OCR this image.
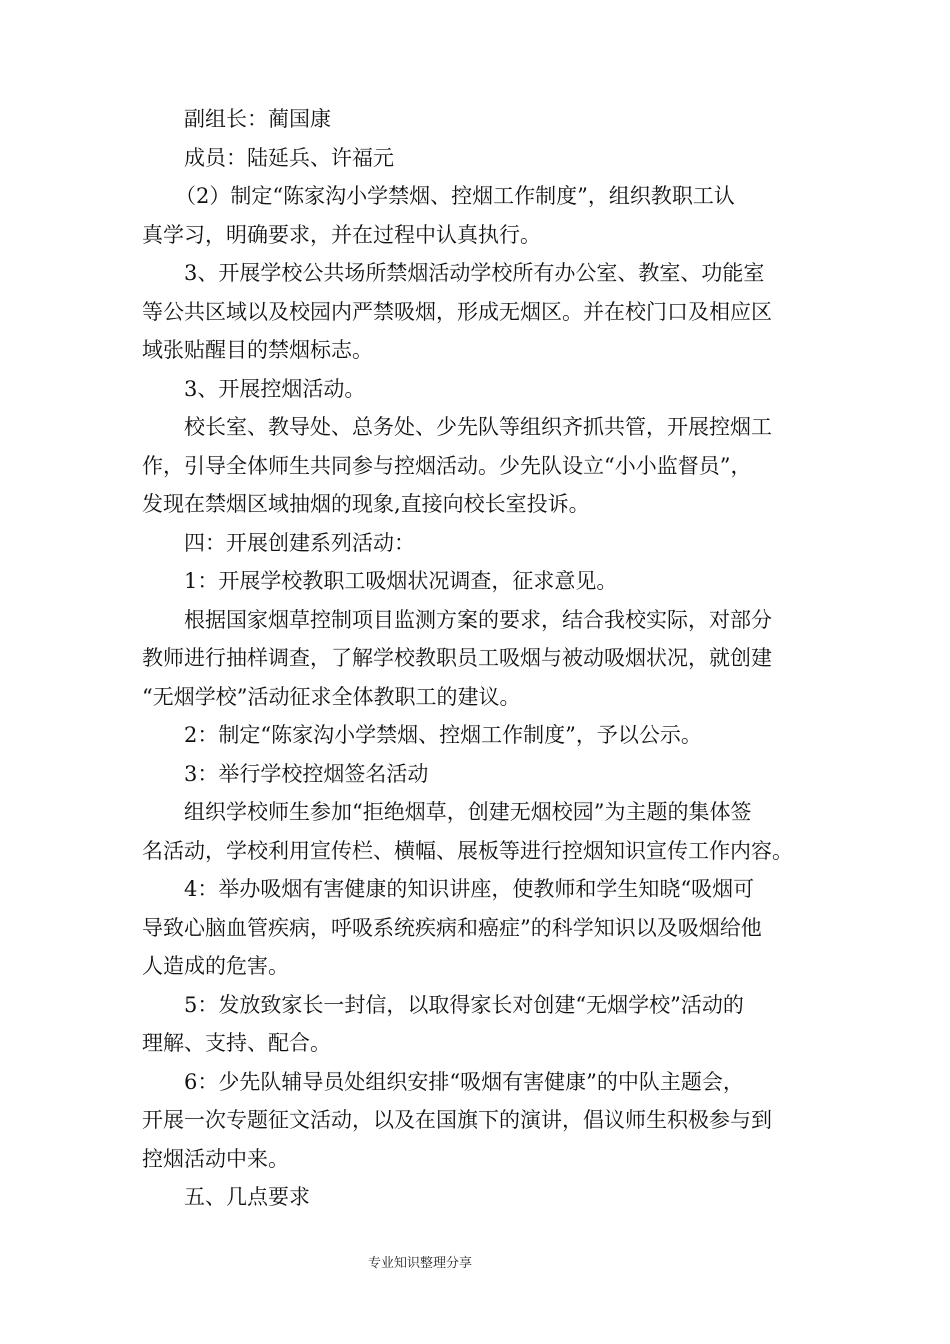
副组长：蔺国康

成员：陆延兵、许福元

（2）制定“陈家沟小学禁烟、控烟工作制度”，组织教职工认

真学习，明确要求，并在过程中认真执行。

3、开展学校公共场所禁烟活动学校所有办公室、教室、功能室

等公共区域以及校园内严禁吸烟，形成无烟区。并在校门口及相应区

域张贴醒目的禁烟标志。

3、开展控烟活动。

校长室、教导处、总务处、少先队等组织齐抓共管，开展控烟工

作，引导全体师生共同参与控烟活动。少先队设立“小小监督员”，

发现在禁烟区域抽烟的现象,直接向校长室投诉。

四：开展创建系列活动：

1：开展学校教职工吸烟状况调查，征求意见。

根据国家烟草控制项目监测方案的要求，结合我校实际，对部分

教师进行抽样调查，了解学校教职员工吸烟与被动吸烟状况，就创建

“无烟学校”活动征求全体教职工的建议。

2：制定“陈家沟小学禁烟、控烟工作制度”，予以公示。

3：举行学校控烟签名活动

组织学校师生参加“拒绝烟草，创建无烟校园”为主题的集体签

名活动，学校利用宣传栏、横幅、展板等进行控烟知识宣传工作内容。

4：举办吸烟有害健康的知识讲座，使教师和学生知晓“吸烟可

导致心脑血管疾病，呼吸系统疾病和癌症”的科学知识以及吸烟给他

人造成的危害。

5：发放致家长一封信，以取得家长对创建“无烟学校”活动的

理解、支持、配合。

6：少先队辅导员处组织安排“吸烟有害健康”的中队主题会，

开展一次专题征文活动，以及在国旗下的演讲，倡议师生积极参与到

控烟活动中来。

五、几点要求

专业知识整理分享
